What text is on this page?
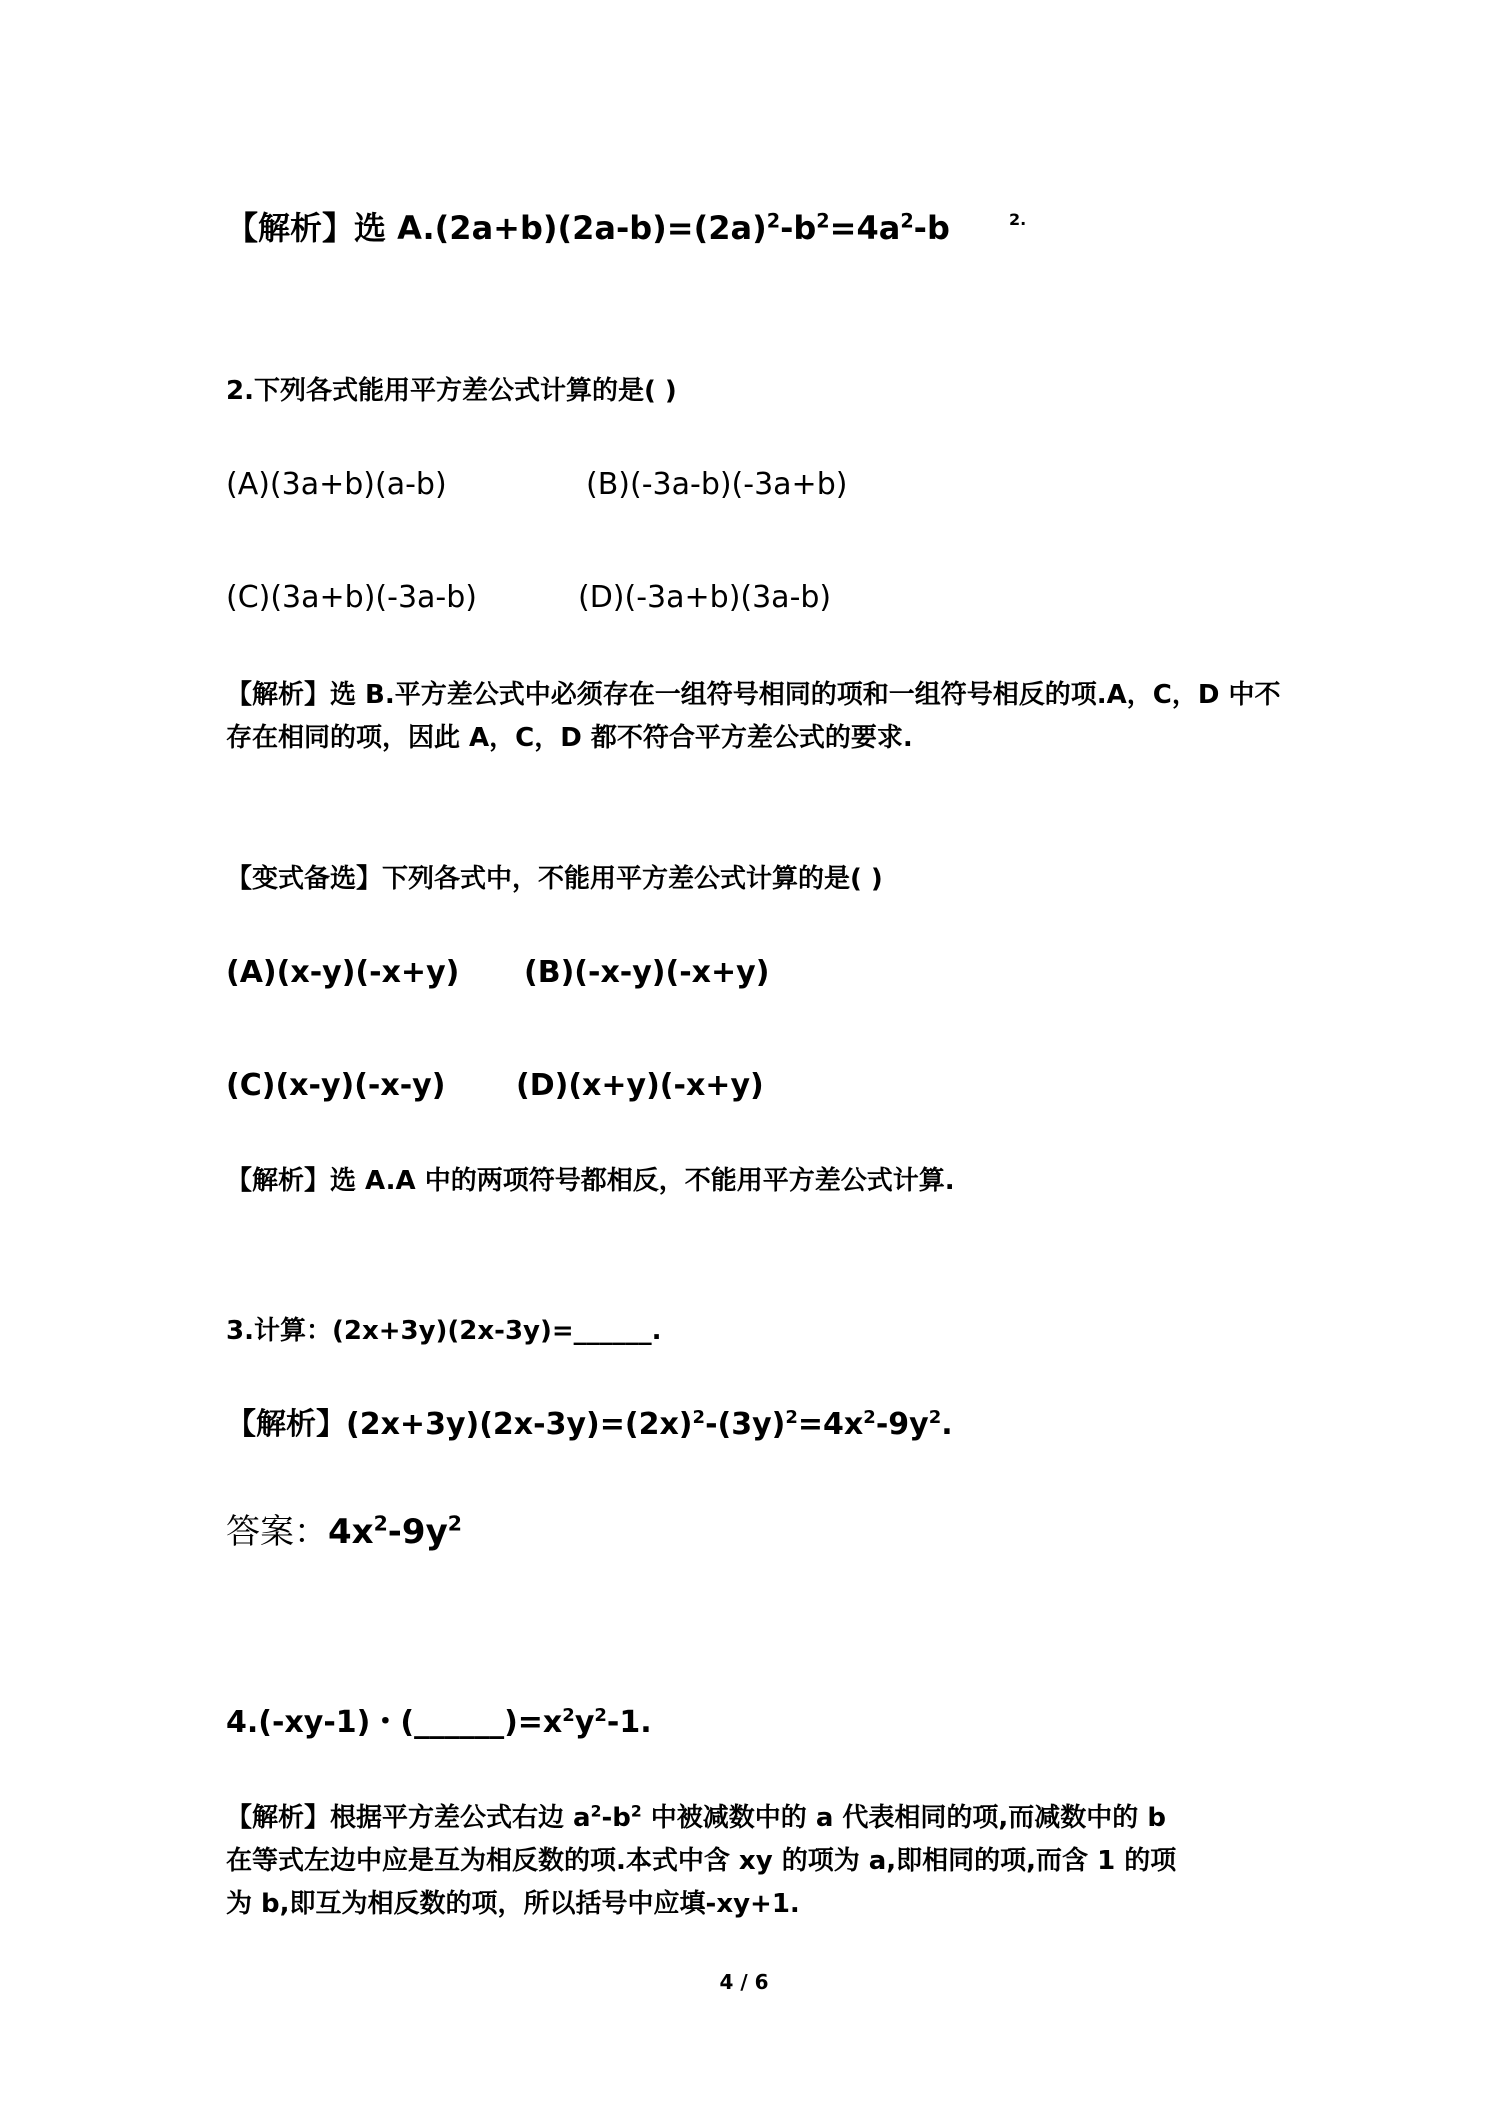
【解析】选 $A.(2a+b)(2a-b)=(2a)^2-b^2=4a^2-b$	$^{2.}$
2.下列各式能用平方差公式计算的是( )
(A)(3a+b)(a-b)	(B)(-3a-b)(-3a+b)
(C)(3a+b)(-3a-b)	(D)(-3a+b)(3a-b)
【解析】选 B.平方差公式中必须存在一组符号相同的项和一组符号相反的项.A，C，D 中不存在相同的项，因此 A，C，D 都不符合平方差公式的要求.
【变式备选】下列各式中，不能用平方差公式计算的是( )
(A)(x-y)(-x+y) (B)(-x-y)(-x+y)
(C)(x-y)(-x-y) (D)(x+y)(-x+y)
【解析】选 A.A 中的两项符号都相反，不能用平方差公式计算.
3.计算：(2x+3y)(2x-3y)=______.
【解析】$(2x+3y)(2x-3y)=(2x)^2-(3y)^2=4x^2-9y^2$.
答案：$4x^2-9y^2$
4.(-xy-1)・$(\_\_\_\_\_\_)=x^2y^2-1$.
【解析】根据平方差公式右边 $a^2-b^2$ 中被减数中的 a 代表相同的项,而减数中的 b
在等式左边中应是互为相反数的项.本式中含 xy 的项为 a,即相同的项,而含 1 的项
为 b,即互为相反数的项，所以括号中应填-xy+1.
4 / 6
